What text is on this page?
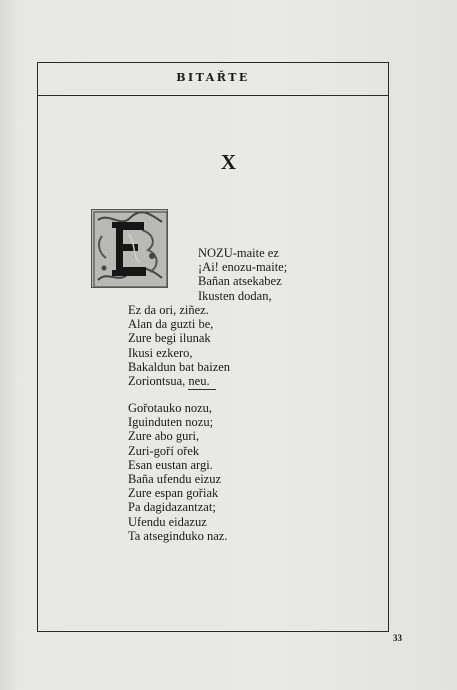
BITAŘTE
X
NOZU-maite ez
¡Ai! enozu-maite;
Bañan atsekabez
Ikusten dodan,
Ez da ori, ziñez.
Alan da guzti be,
Zure begi ilunak
Ikusi ezkero,
Bakaldun bat baizen
Zoriontsua, neu.
Gořotauko nozu,
Iguinduten nozu;
Zure abo guri,
Zuri-goří ořek
Esan eustan argi.
Baña ufendu eizuz
Zure espan gořiak
Pa dagidazantzat;
Ufendu eidazuz
Ta atseginduko naz.
33
